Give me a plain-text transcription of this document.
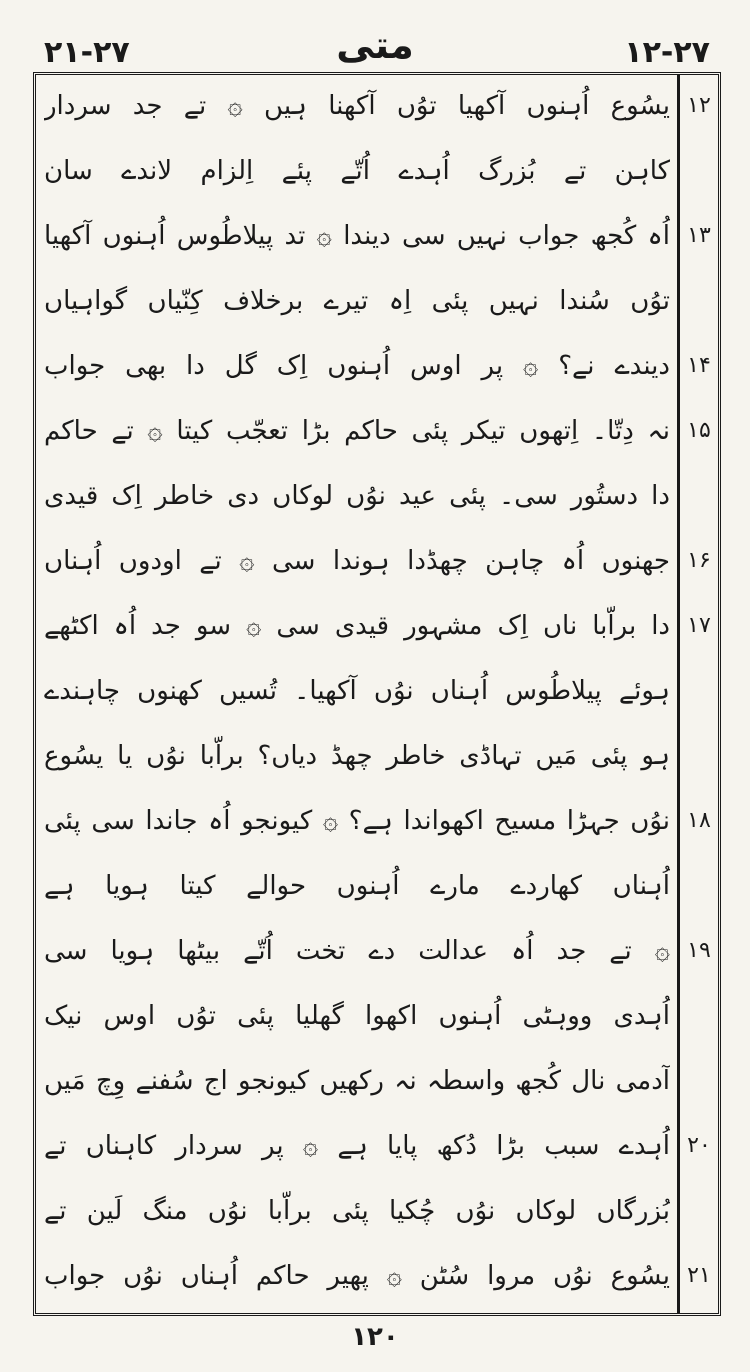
۲۱-۲۷	متی	۱۲-۲۷
یسُوع اُہنوں آکھیا توُں آکھنا ہیں ۞ تے جد سردار
کاہن تے بُزرگ اُہدے اُتّے پئے اِلزام لاندے سان
اُہ کُجھ جواب نہیں سی دیندا ۞ تد پیلاطُوس اُہنوں آکھیا
توُں سُندا نہیں پئی اِہ تیرے برخلاف کِنّیاں گواہیاں
دیندے نے؟ ۞ پر اوس اُہنوں اِک گل دا بھی جواب
نہ دِتّا۔ اِتھوں تیکر پئی حاکم بڑا تعجّب کیتا ۞ تے حاکم
دا دستُور سی۔ پئی عید نوُں لوکاں دی خاطر اِک قیدی
جھنوں اُہ چاہن چھڈدا ہوندا سی ۞ تے اودوں اُہناں
دا براّبا ناں اِک مشہور قیدی سی ۞ سو جد اُہ اکٹھے
ہوئے پیلاطُوس اُہناں نوُں آکھیا۔ تُسیں کھنوں چاہندے
ہو پئی مَیں تہاڈی خاطر چھڈ دیاں؟ براّبا نوُں یا یسُوع
نوُں جہڑا مسیح اکھواندا ہے؟ ۞ کیونجو اُہ جاندا سی پئی
اُہناں کھاردے مارے اُہنوں حوالے کیتا ہویا ہے
۞ تے جد اُہ عدالت دے تخت اُتّے بیٹھا ہویا سی
اُہدی ووہٹی اُہنوں اکھوا گھلیا پئی توُں اوس نیک
آدمی نال کُجھ واسطہ نہ رکھیں کیونجو اج سُفنے وِچ مَیں
اُہدے سبب بڑا دُکھ پایا ہے ۞ پر سردار کاہناں تے
بُزرگاں لوکاں نوُں چُکیا پئی براّبا نوُں منگ لَین تے
یسُوع نوُں مروا سُٹن ۞ پھیر حاکم اُہناں نوُں جواب
۱۲
۱۳
۱۴
۱۵
۱۶
۱۷
۱۸
۱۹
۲۰
۲۱
۱۲۰
